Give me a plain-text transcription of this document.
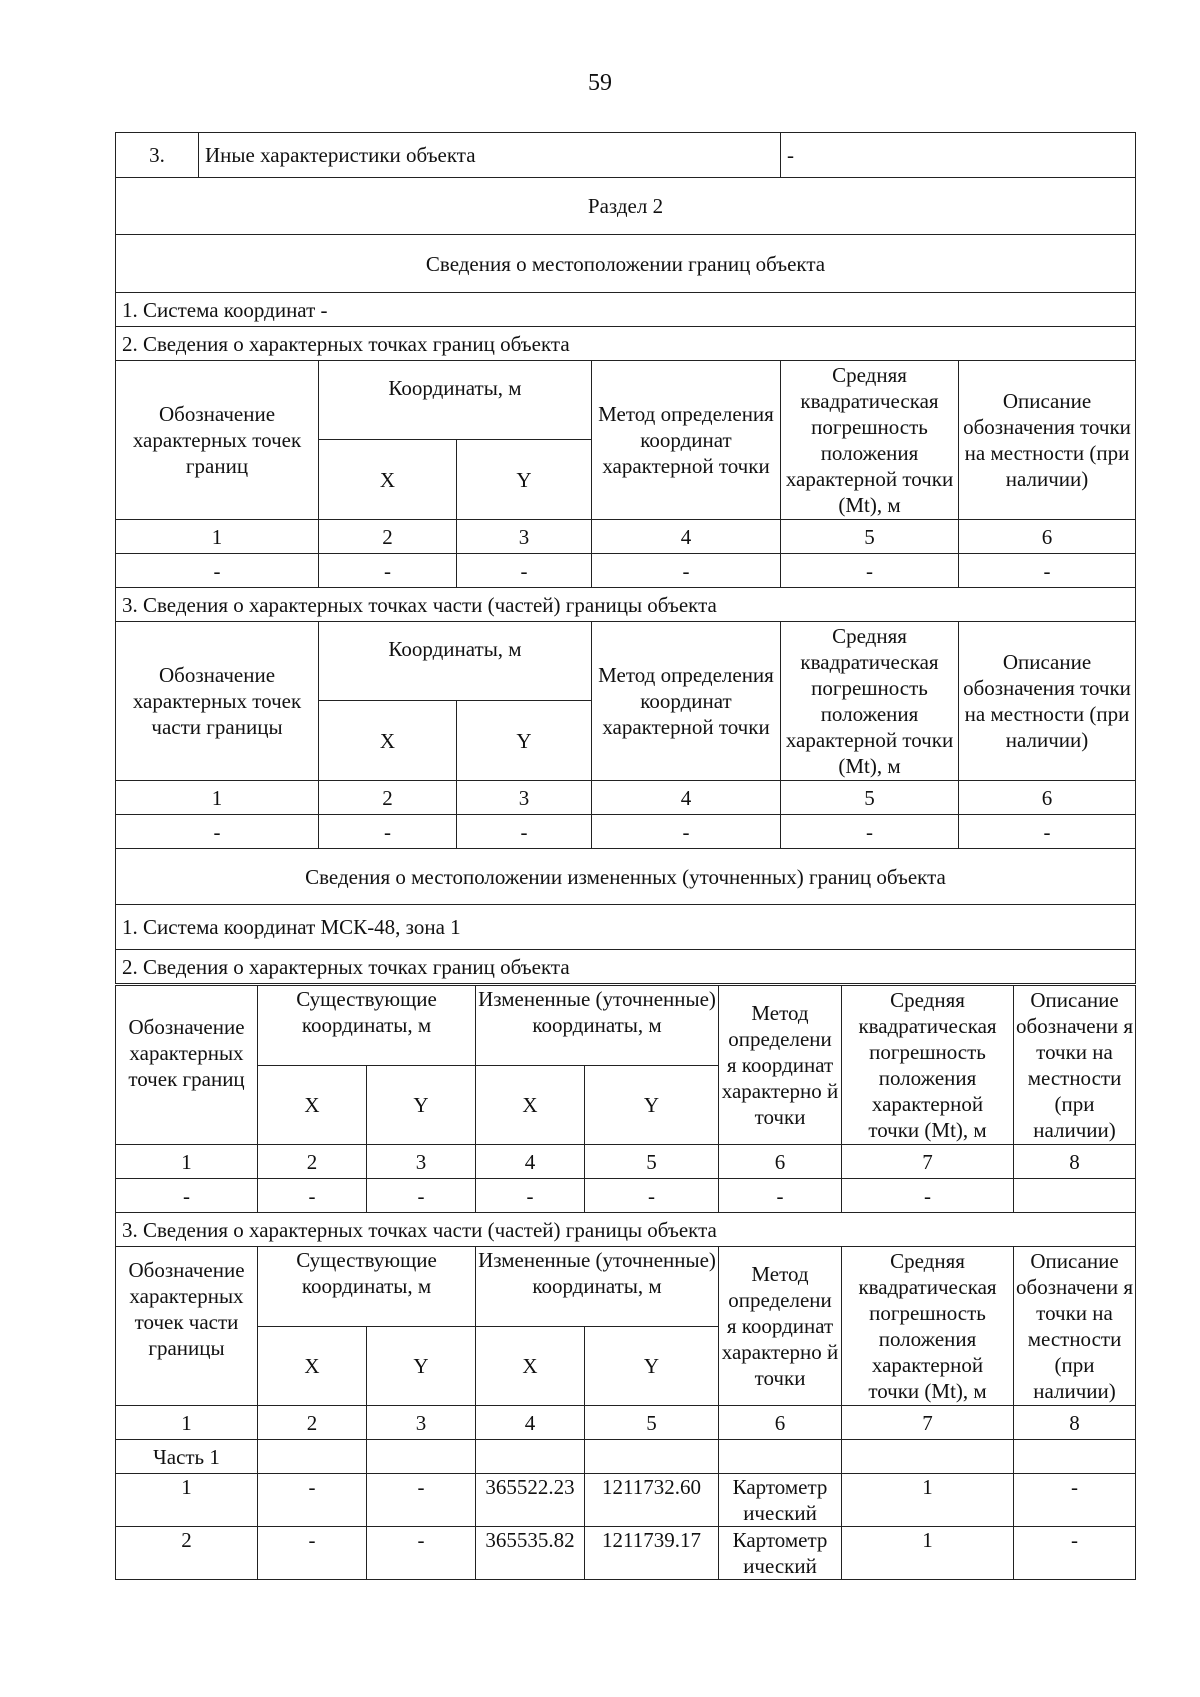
59
3.	Иные характеристики объекта				-	
Раздел 2						
Сведения о местоположении границ объекта						
1. Система координат -						
2. Сведения о характерных точках границ объекта						
Обозначение характерных точек границ		Координаты, м		Метод определения координат характерной точки	Средняя квадратическая погрешность положения характерной точки (Mt), м	Описание обозначения точки на местности (при наличии)
		X	Y			
1		2	3	4	5	6
-		-	-	-	-	-
3. Сведения о характерных точках части (частей) границы объекта						
Обозначение характерных точек части границы		Координаты, м		Метод определения координат характерной точки	Средняя квадратическая погрешность положения характерной точки (Mt), м	Описание обозначения точки на местности (при наличии)
		X	Y			
1		2	3	4	5	6
-		-	-	-	-	-
Сведения о местоположении измененных (уточненных) границ объекта						
1. Система координат МСК-48, зона 1						
2. Сведения о характерных точках границ объекта						
Обозначение характерных точек границ	Существующие координаты, м		Измененные (уточненные) координаты, м		Метод определени я координат характерно й точки	Средняя квадратическая погрешность положения характерной точки (Mt), м	Описание обозначени я точки на местности (при наличии)
	X	Y	X	Y			
1	2	3	4	5	6	7	8
-	-	-	-	-	-	-	
3. Сведения о характерных точках части (частей) границы объекта							
Обозначение характерных точек части границы	Существующие координаты, м		Измененные (уточненные) координаты, м		Метод определени я координат характерно й точки	Средняя квадратическая погрешность положения характерной точки (Mt), м	Описание обозначени я точки на местности (при наличии)
	X	Y	X	Y			
1	2	3	4	5	6	7	8
Часть 1							
1	-	-	365522.23	1211732.60	Картометр ический	1	-
2	-	-	365535.82	1211739.17	Картометр ический	1	-
